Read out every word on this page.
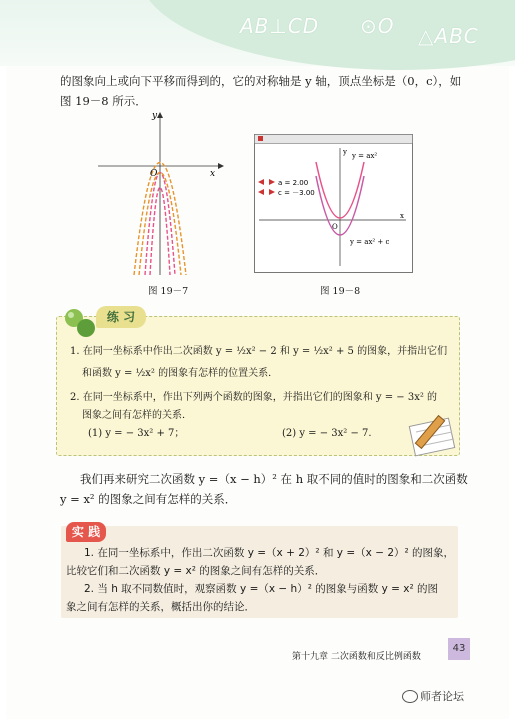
AB⊥CD ⊙O △ABC
的图象向上或向下平移而得到的，它的对称轴是 y 轴，顶点坐标是（0，c），如
图 19－8 所示．
y
x
O
图 19－7
y
x
O
y = ax²
y = ax² + c
a = 2.00
c = －3.00
图 19－8
练 习
1. 在同一坐标系中作出二次函数 y = ½x² − 2 和 y = ½x² + 5 的图象，并指出它们
和函数 y = ½x² 的图象有怎样的位置关系．
2. 在同一坐标系中，作出下列两个函数的图象，并指出它们的图象和 y = − 3x² 的
图象之间有怎样的关系．
(1) y = − 3x² + 7；	(2) y = − 3x² − 7.
我们再来研究二次函数 y =（x − h）² 在 h 取不同的值时的图象和二次函数
y = x² 的图象之间有怎样的关系．
实 践
1. 在同一坐标系中，作出二次函数 y =（x + 2）² 和 y =（x − 2）² 的图象，
比较它们和二次函数 y = x² 的图象之间有怎样的关系．
2. 当 h 取不同数值时，观察函数 y =（x − h）² 的图象与函数 y = x² 的图
象之间有怎样的关系，概括出你的结论．
第十九章 二次函数和反比例函数
43
师者论坛
